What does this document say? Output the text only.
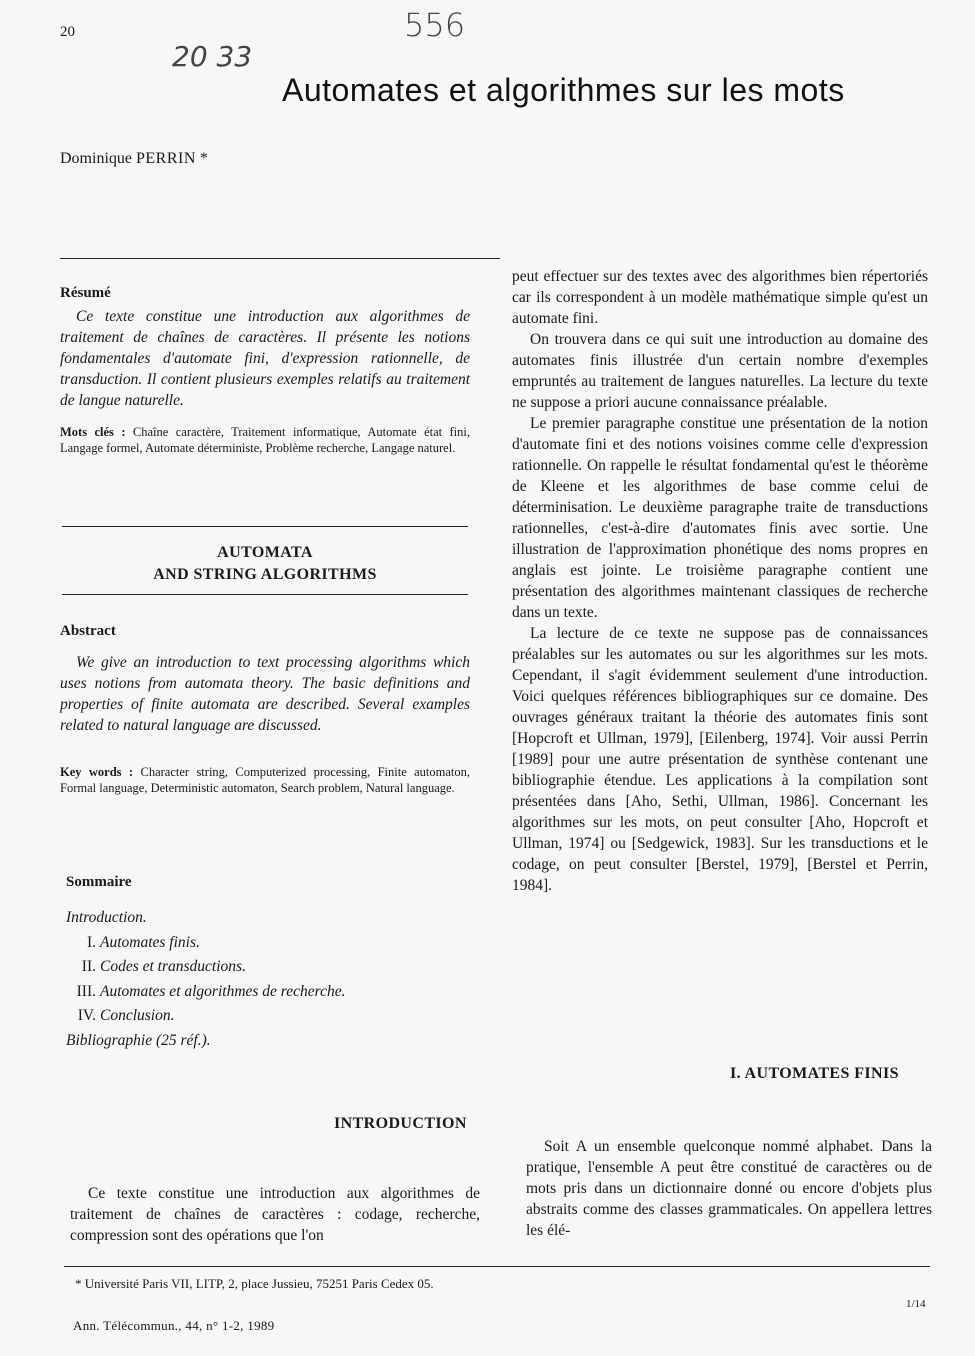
20
20 33
556
Automates et algorithmes sur les mots
Dominique PERRIN *
Résumé
Ce texte constitue une introduction aux algorithmes de traitement de chaînes de caractères. Il présente les notions fondamentales d'automate fini, d'expression rationnelle, de transduction. Il contient plusieurs exemples relatifs au traitement de langue naturelle.
Mots clés : Chaîne caractère, Traitement informatique, Automate état fini, Langage formel, Automate déterministe, Problème recherche, Langage naturel.
AUTOMATA
AND STRING ALGORITHMS
Abstract
We give an introduction to text processing algorithms which uses notions from automata theory. The basic definitions and properties of finite automata are described. Several examples related to natural language are discussed.
Key words : Character string, Computerized processing, Finite automaton, Formal language, Deterministic automaton, Search problem, Natural language.
Sommaire
Introduction.
I. Automates finis.
II. Codes et transductions.
III. Automates et algorithmes de recherche.
IV. Conclusion.
Bibliographie (25 réf.).
INTRODUCTION

Ce texte constitue une introduction aux algorithmes de traitement de chaînes de caractères : codage, recherche, compression sont des opérations que l'on

peut effectuer sur des textes avec des algorithmes bien répertoriés car ils correspondent à un modèle mathématique simple qu'est un automate fini.

On trouvera dans ce qui suit une introduction au domaine des automates finis illustrée d'un certain nombre d'exemples empruntés au traitement de langues naturelles. La lecture du texte ne suppose a priori aucune connaissance préalable.

Le premier paragraphe constitue une présentation de la notion d'automate fini et des notions voisines comme celle d'expression rationnelle. On rappelle le résultat fondamental qu'est le théorème de Kleene et les algorithmes de base comme celui de déterminisation. Le deuxième paragraphe traite de transductions rationnelles, c'est-à-dire d'automates finis avec sortie. Une illustration de l'approximation phonétique des noms propres en anglais est jointe. Le troisième paragraphe contient une présentation des algorithmes maintenant classiques de recherche dans un texte.

La lecture de ce texte ne suppose pas de connaissances préalables sur les automates ou sur les algorithmes sur les mots. Cependant, il s'agit évidemment seulement d'une introduction. Voici quelques références bibliographiques sur ce domaine. Des ouvrages généraux traitant la théorie des automates finis sont [Hopcroft et Ullman, 1979], [Eilenberg, 1974]. Voir aussi Perrin [1989] pour une autre présentation de synthèse contenant une bibliographie étendue. Les applications à la compilation sont présentées dans [Aho, Sethi, Ullman, 1986]. Concernant les algorithmes sur les mots, on peut consulter [Aho, Hopcroft et Ullman, 1974] ou [Sedgewick, 1983]. Sur les transductions et le codage, on peut consulter [Berstel, 1979], [Berstel et Perrin, 1984].

I. AUTOMATES FINIS

Soit A un ensemble quelconque nommé alphabet. Dans la pratique, l'ensemble A peut être constitué de caractères ou de mots pris dans un dictionnaire donné ou encore d'objets plus abstraits comme des classes grammaticales. On appellera lettres les élé-

* Université Paris VII, LITP, 2, place Jussieu, 75251 Paris Cedex 05.
Ann. Télécommun., 44, n° 1-2, 1989
1/14
